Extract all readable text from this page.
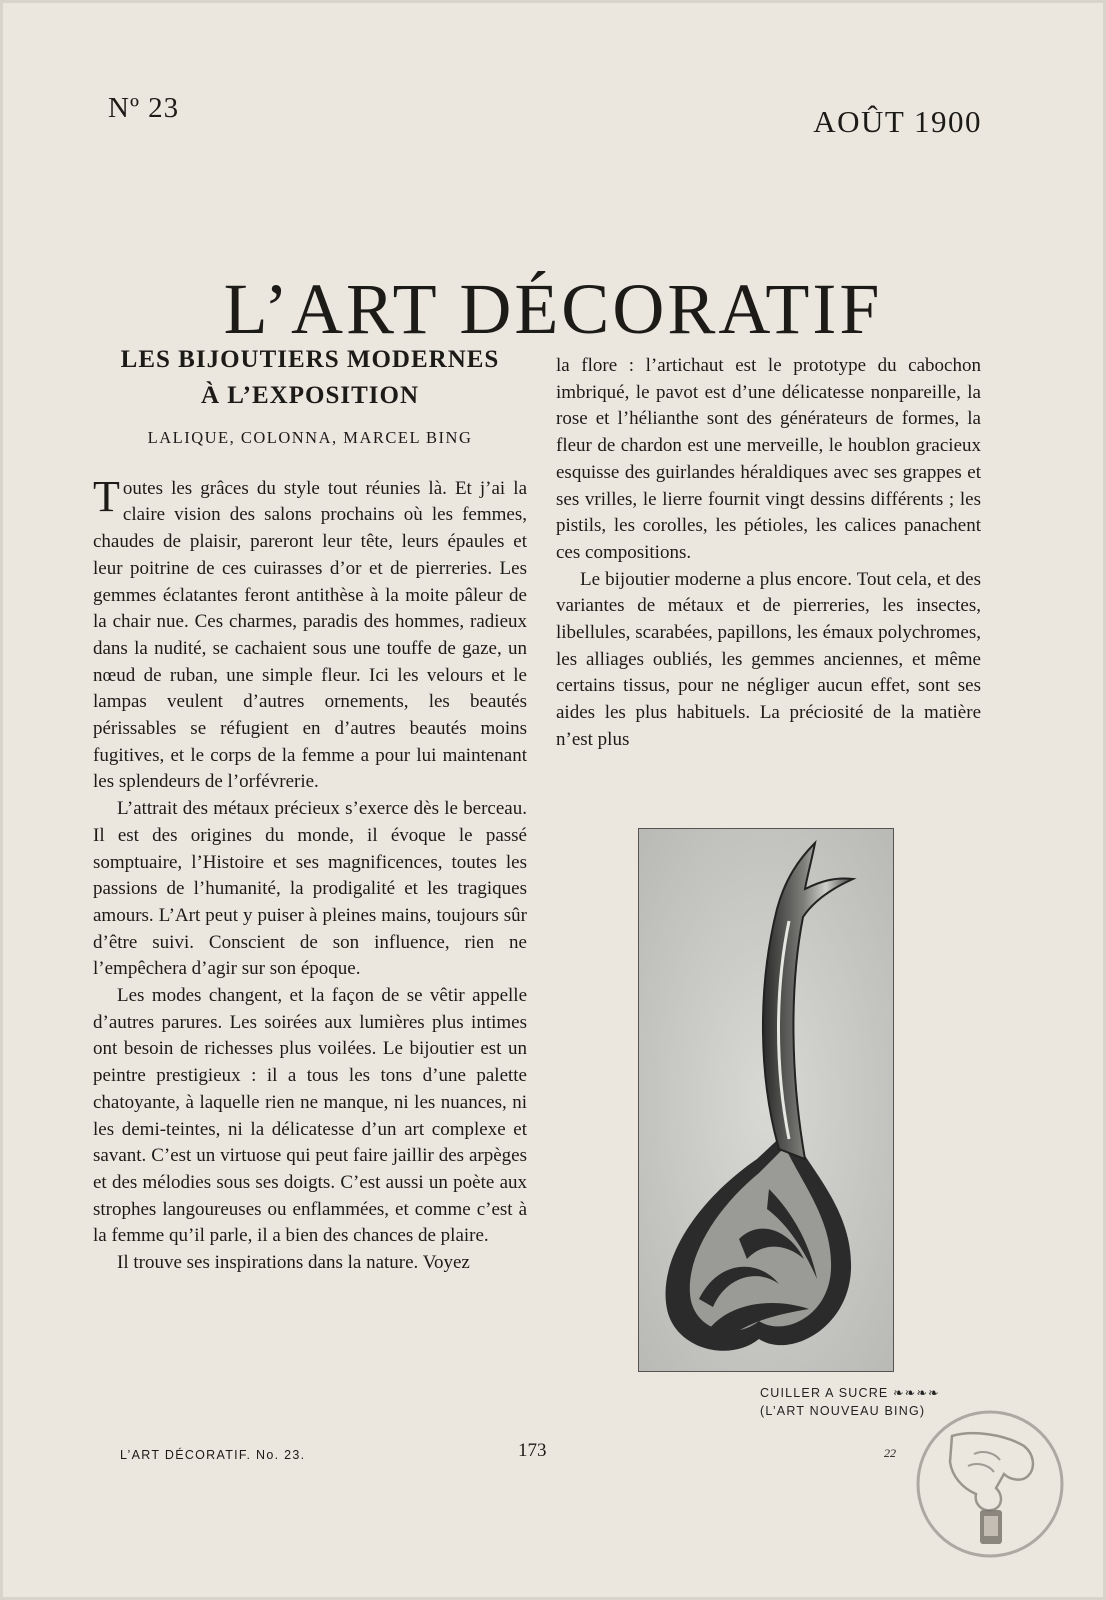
Nº 23	AOÛT 1900
L’ART DÉCORATIF
LES BIJOUTIERS MODERNES
À L’EXPOSITION
LALIQUE, COLONNA, MARCEL BING

T outes les grâces du style tout réunies là. Et j’ai la claire vision des salons prochains où les femmes, chaudes de plaisir, pareront leur tête, leurs épaules et leur poitrine de ces cuirasses d’or et de pierreries. Les gemmes éclatantes feront antithèse à la moite pâleur de la chair nue. Ces charmes, paradis des hommes, radieux dans la nudité, se cachaient sous une touffe de gaze, un nœud de ruban, une simple fleur. Ici les velours et le lampas veulent d’autres ornements, les beautés périssables se réfugient en d’autres beautés moins fugitives, et le corps de la femme a pour lui maintenant les splendeurs de l’orfévrerie.

L’attrait des métaux précieux s’exerce dès le berceau. Il est des origines du monde, il évoque le passé somptuaire, l’Histoire et ses magnificences, toutes les passions de l’humanité, la prodigalité et les tragiques amours. L’Art peut y puiser à pleines mains, toujours sûr d’être suivi. Conscient de son influence, rien ne l’empêchera d’agir sur son époque.

Les modes changent, et la façon de se vêtir appelle d’autres parures. Les soirées aux lumières plus intimes ont besoin de richesses plus voilées. Le bijoutier est un peintre prestigieux : il a tous les tons d’une palette chatoyante, à laquelle rien ne manque, ni les nuances, ni les demi-teintes, ni la délicatesse d’un art complexe et savant. C’est un virtuose qui peut faire jaillir des arpèges et des mélodies sous ses doigts. C’est aussi un poète aux strophes langoureuses ou enflammées, et comme c’est à la femme qu’il parle, il a bien des chances de plaire.

Il trouve ses inspirations dans la nature. Voyez

la flore : l’artichaut est le prototype du cabochon imbriqué, le pavot est d’une délicatesse nonpareille, la rose et l’hélianthe sont des générateurs de formes, la fleur de chardon est une merveille, le houblon gracieux esquisse des guirlandes héraldiques avec ses grappes et ses vrilles, le lierre fournit vingt dessins différents ; les pistils, les corolles, les pétioles, les calices panachent ces compositions.

Le bijoutier moderne a plus encore. Tout cela, et des variantes de métaux et de pierreries, les insectes, libellules, scarabées, papillons, les émaux polychromes, les alliages oubliés, les gemmes anciennes, et même certains tissus, pour ne négliger aucun effet, sont ses aides les plus habituels. La préciosité de la matière n’est plus

CUILLER A SUCRE ❧❧❧❧
(L’ART NOUVEAU BING)
L’ART DÉCORATIF. No. 23.	173	22
